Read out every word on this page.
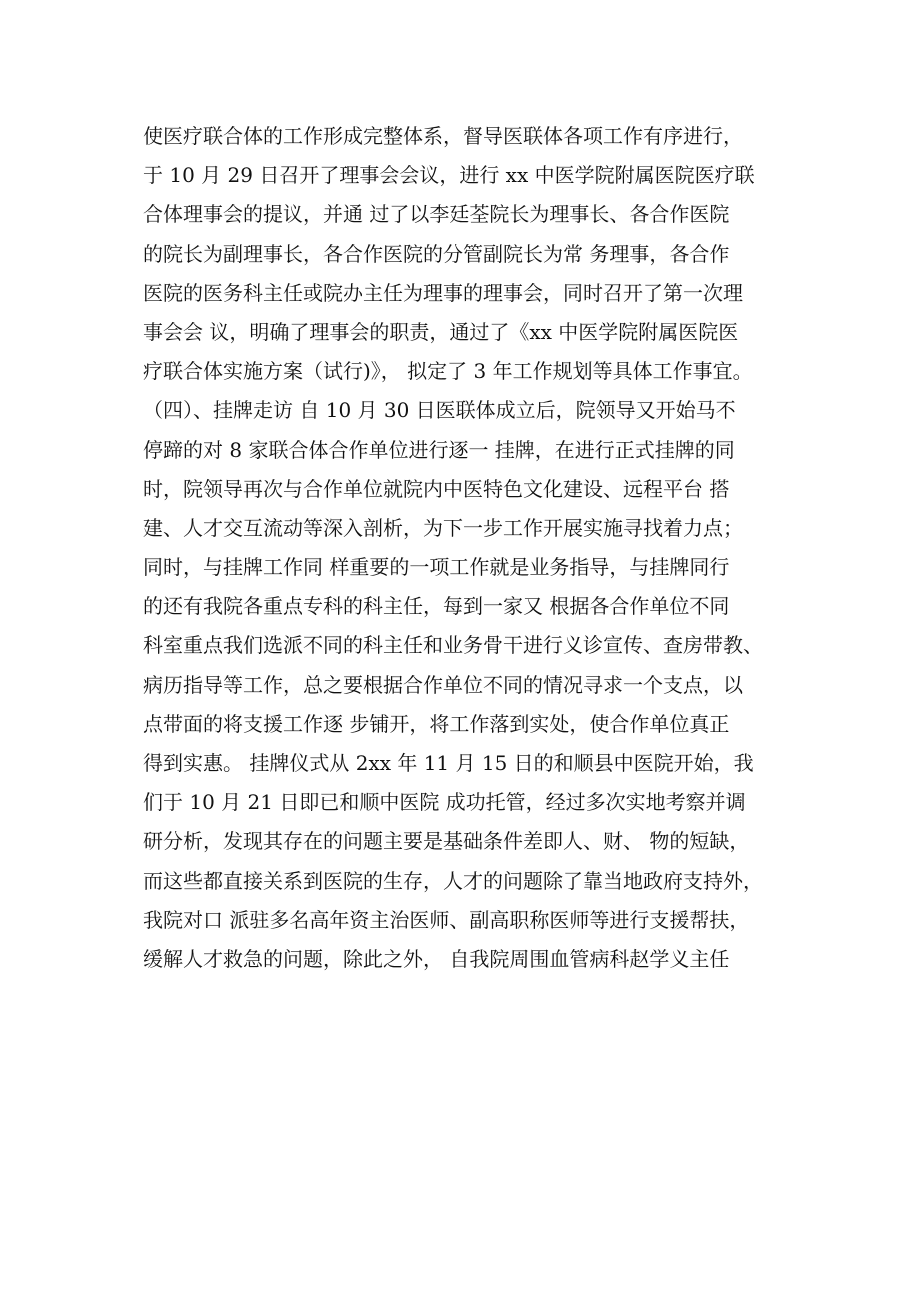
使医疗联合体的工作形成完整体系，督导医联体各项工作有序进行，
于 10 月 29 日召开了理事会会议，进行 xx 中医学院附属医院医疗联
合体理事会的提议，并通 过了以李廷荃院长为理事长、各合作医院
的院长为副理事长，各合作医院的分管副院长为常 务理事，各合作
医院的医务科主任或院办主任为理事的理事会，同时召开了第一次理
事会会 议，明确了理事会的职责，通过了《xx 中医学院附属医院医
疗联合体实施方案（试行)》， 拟定了 3 年工作规划等具体工作事宜。
（四）、挂牌走访 自 10 月 30 日医联体成立后，院领导又开始马不
停蹄的对 8 家联合体合作单位进行逐一 挂牌，在进行正式挂牌的同
时，院领导再次与合作单位就院内中医特色文化建设、远程平台 搭
建、人才交互流动等深入剖析，为下一步工作开展实施寻找着力点；
同时，与挂牌工作同 样重要的一项工作就是业务指导，与挂牌同行
的还有我院各重点专科的科主任，每到一家又 根据各合作单位不同
科室重点我们选派不同的科主任和业务骨干进行义诊宣传、查房带教、
病历指导等工作，总之要根据合作单位不同的情况寻求一个支点，以
点带面的将支援工作逐 步铺开，将工作落到实处，使合作单位真正
得到实惠。 挂牌仪式从 2xx 年 11 月 15 日的和顺县中医院开始，我
们于 10 月 21 日即已和顺中医院 成功托管，经过多次实地考察并调
研分析，发现其存在的问题主要是基础条件差即人、财、 物的短缺，
而这些都直接关系到医院的生存，人才的问题除了靠当地政府支持外，
我院对口 派驻多名高年资主治医师、副高职称医师等进行支援帮扶，
缓解人才救急的问题，除此之外， 自我院周围血管病科赵学义主任
